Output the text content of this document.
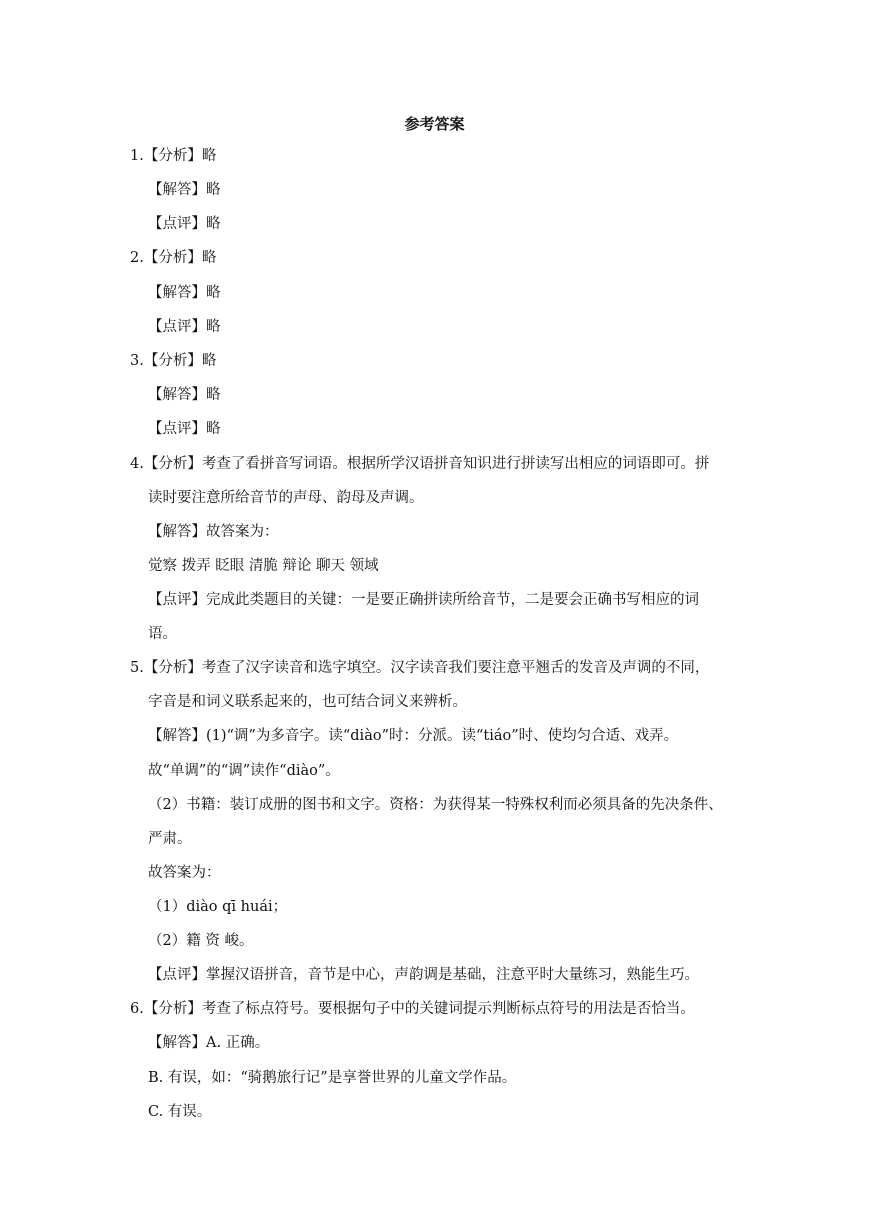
参考答案
1.【分析】略
【解答】略
【点评】略
2.【分析】略
【解答】略
【点评】略
3.【分析】略
【解答】略
【点评】略
4.【分析】考查了看拼音写词语。根据所学汉语拼音知识进行拼读写出相应的词语即可。拼
读时要注意所给音节的声母、韵母及声调。
【解答】故答案为：
觉察 拨弄 眨眼 清脆 辩论 聊天 领域
【点评】完成此类题目的关键：一是要正确拼读所给音节，二是要会正确书写相应的词
语。
5.【分析】考查了汉字读音和选字填空。汉字读音我们要注意平翘舌的发音及声调的不同，
字音是和词义联系起来的，也可结合词义来辨析。
【解答】(1)“调”为多音字。读“diào”时：分派。读“tiáo”时、使均匀合适、戏弄。
故“单调”的“调”读作“diào”。
（2）书籍：装订成册的图书和文字。资格：为获得某一特殊权利而必须具备的先决条件、
严肃。
故答案为：
（1）diào qī huái；
（2）籍 资 峻。
【点评】掌握汉语拼音，音节是中心，声韵调是基础，注意平时大量练习，熟能生巧。
6.【分析】考查了标点符号。要根据句子中的关键词提示判断标点符号的用法是否恰当。
【解答】A. 正确。
B. 有误，如：“骑鹅旅行记”是享誉世界的儿童文学作品。
C. 有误。
